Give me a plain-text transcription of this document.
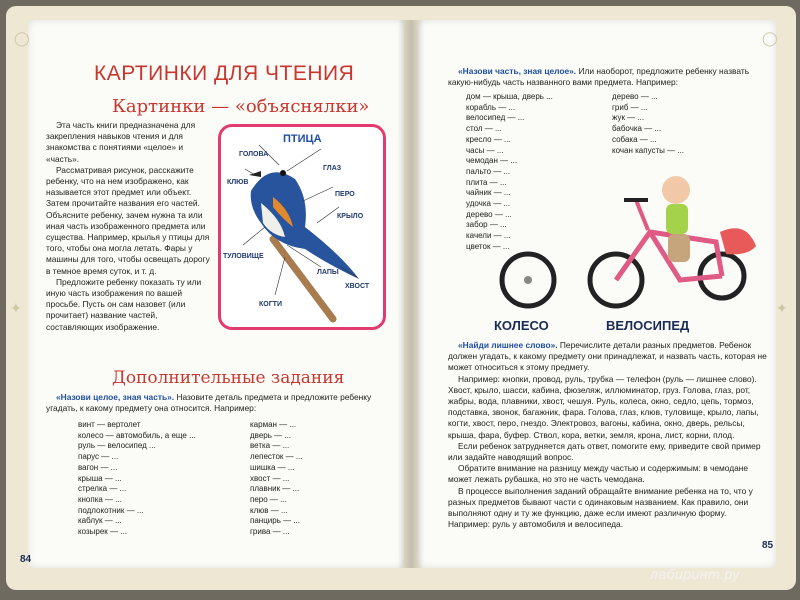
◯	◯
✦	✦
КАРТИНКИ ДЛЯ ЧТЕНИЯ
Картинки — «объяснялки»

Эта часть книги предназначена для закрепления навыков чтения и для знакомства с понятиями «целое» и «часть».

Рассматривая рисунок, расскажите ребенку, что на нем изображено, как называется этот предмет или объект. Затем прочитайте названия его частей. Объясните ребенку, зачем нужна та или иная часть изображенного предмета или существа. Например, крылья у птицы для того, чтобы она могла летать. Фары у машины для того, чтобы освещать дорогу в темное время суток, и т. д.

Предложите ребенку показать ту или иную часть изображения по вашей просьбе. Пусть он сам назовет (или прочитает) название частей, составляющих изображение.

ПТИЦА
ГОЛОВА
ГЛАЗ
КЛЮВ
ПЕРО
КРЫЛО
ТУЛОВИЩЕ
ЛАПЫ
ХВОСТ
КОГТИ
Дополнительные задания

«Назови целое, зная часть». Назовите деталь предмета и предложите ребенку угадать, к какому предмету она относится. Например:

винт — вертолет
колесо — автомобиль, а еще ...
руль — велосипед ...
парус — ...
вагон — ...
крыша — ...
стрелка — ...
кнопка — ...
подлокотник — ...
каблук — ...
козырек — ...
карман — ...
дверь — ...
ветка — ...
лепесток — ...
шишка — ...
хвост — ...
плавник — ...
перо — ...
клюв — ...
панцирь — ...
грива — ...
84

«Назови часть, зная целое». Или наоборот, предложите ребенку назвать какую-нибудь часть названного вами предмета. Например:

дом — крыша, дверь ...
корабль — ...
велосипед — ...
стол — ...
кресло — ...
часы — ...
чемодан — ...
пальто — ...
плита — ...
чайник — ...
удочка — ...
дерево — ...
забор — ...
качели — ...
цветок — ...
дерево — ...
гриб — ...
жук — ...
бабочка — ...
собака — ...
кочан капусты — ...
КОЛЕСО	ВЕЛОСИПЕД

«Найди лишнее слово». Перечислите детали разных предметов. Ребенок должен угадать, к какому предмету они принадлежат, и назвать часть, которая не может относиться к этому предмету.

Например: кнопки, провод, руль, трубка — телефон (руль — лишнее слово). Хвост, крыло, шасси, кабина, фюзеляж, иллюминатор, груз. Голова, глаз, рот, жабры, вода, плавники, хвост, чешуя. Руль, колеса, окно, седло, цепь, тормоз, подставка, звонок, багажник, фара. Голова, глаз, клюв, туловище, крыло, лапы, когти, хвост, перо, гнездо. Электровоз, вагоны, кабина, окно, дверь, рельсы, крыша, фара, буфер. Ствол, кора, ветки, земля, крона, лист, корни, плод.

Если ребенок затрудняется дать ответ, помогите ему, приведите свой пример или задайте наводящий вопрос.

Обратите внимание на разницу между частью и содержимым: в чемодане может лежать рубашка, но это не часть чемодана.

В процессе выполнения заданий обращайте внимание ребенка на то, что у разных предметов бывают части с одинаковым названием. Как правило, они выполняют одну и ту же функцию, даже если имеют различную форму. Например: руль у автомобиля и велосипеда.

85
лабиринт.ру
